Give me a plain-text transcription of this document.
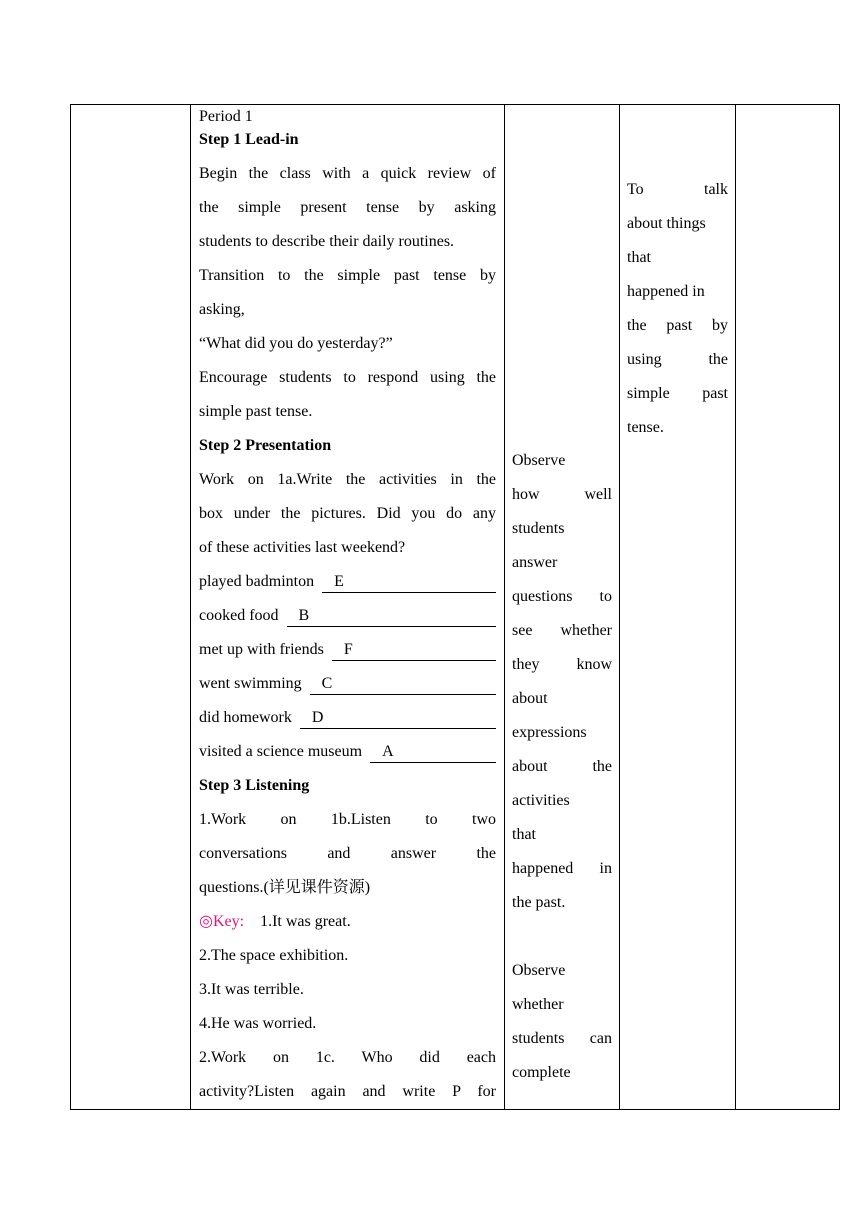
Period 1
Step 1 Lead-in
Begin the class with a quick review of
the simple present tense by asking
students to describe their daily routines.
Transition to the simple past tense by
asking,
“What did you do yesterday?”
Encourage students to respond using the
simple past tense.
Step 2 Presentation
Work on 1a.Write the activities in the
box under the pictures. Did you do any
of these activities last weekend?
played badminton	E
cooked food	B
met up with friends	F
went swimming	C
did homework	D
visited a science museum	A
Step 3 Listening
1.Work on 1b.Listen to two
conversations and answer the
questions.(详见课件资源)
◎Key: 1.It was great.
2.The space exhibition.
3.It was terrible.
4.He was worried.
2.Work on 1c. Who did each
activity?Listen again and write P for

Observe
how well
students
answer
questions to
see whether
they know
about
expressions
about the
activities
that
happened in
the past.
Observe
whether
students can
complete

To talk
about things
that
happened in
the past by
using the
simple past
tense.
